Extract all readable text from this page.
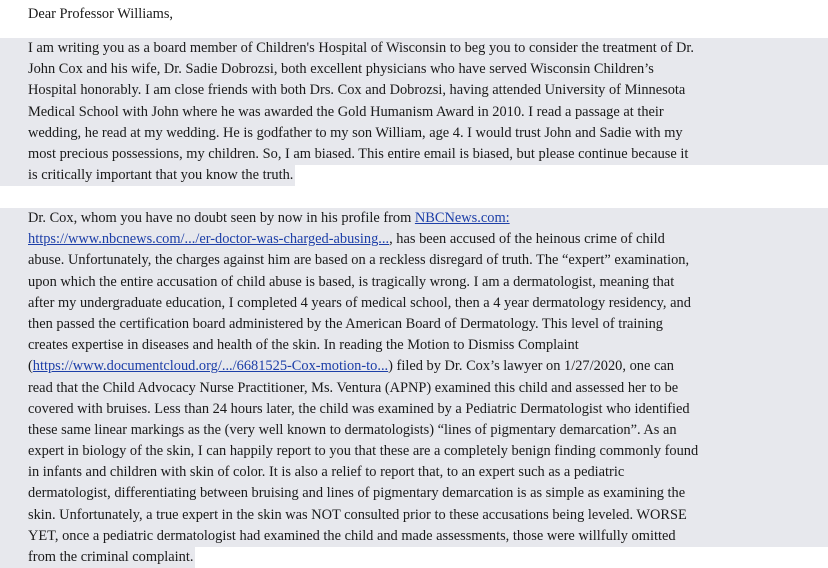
Dear Professor Williams,
I am writing you as a board member of Children's Hospital of Wisconsin to beg you to consider the treatment of Dr.
John Cox and his wife, Dr. Sadie Dobrozsi, both excellent physicians who have served Wisconsin Children’s
Hospital honorably. I am close friends with both Drs. Cox and Dobrozsi, having attended University of Minnesota
Medical School with John where he was awarded the Gold Humanism Award in 2010. I read a passage at their
wedding, he read at my wedding. He is godfather to my son William, age 4. I would trust John and Sadie with my
most precious possessions, my children. So, I am biased. This entire email is biased, but please continue because it
is critically important that you know the truth.
Dr. Cox, whom you have no doubt seen by now in his profile from NBCNews.com:
https://www.nbcnews.com/.../er-doctor-was-charged-abusing..., has been accused of the heinous crime of child
abuse. Unfortunately, the charges against him are based on a reckless disregard of truth. The “expert” examination,
upon which the entire accusation of child abuse is based, is tragically wrong. I am a dermatologist, meaning that
after my undergraduate education, I completed 4 years of medical school, then a 4 year dermatology residency, and
then passed the certification board administered by the American Board of Dermatology. This level of training
creates expertise in diseases and health of the skin. In reading the Motion to Dismiss Complaint
(https://www.documentcloud.org/.../6681525-Cox-motion-to...) filed by Dr. Cox’s lawyer on 1/27/2020, one can
read that the Child Advocacy Nurse Practitioner, Ms. Ventura (APNP) examined this child and assessed her to be
covered with bruises. Less than 24 hours later, the child was examined by a Pediatric Dermatologist who identified
these same linear markings as the (very well known to dermatologists) “lines of pigmentary demarcation”. As an
expert in biology of the skin, I can happily report to you that these are a completely benign finding commonly found
in infants and children with skin of color. It is also a relief to report that, to an expert such as a pediatric
dermatologist, differentiating between bruising and lines of pigmentary demarcation is as simple as examining the
skin. Unfortunately, a true expert in the skin was NOT consulted prior to these accusations being leveled. WORSE
YET, once a pediatric dermatologist had examined the child and made assessments, those were willfully omitted
from the criminal complaint.
